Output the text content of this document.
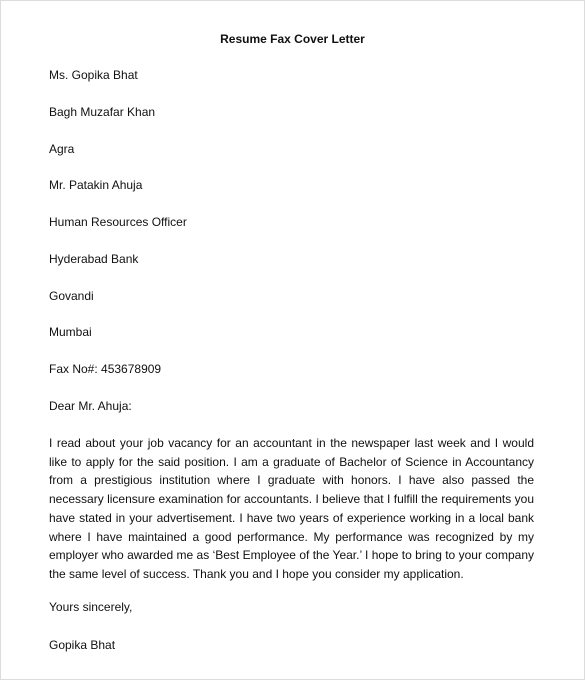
Resume Fax Cover Letter
Ms. Gopika Bhat
Bagh Muzafar Khan
Agra
Mr. Patakin Ahuja
Human Resources Officer
Hyderabad Bank
Govandi
Mumbai
Fax No#: 453678909
Dear Mr. Ahuja:
I read about your job vacancy for an accountant in the newspaper last week and I would like to apply for the said position. I am a graduate of Bachelor of Science in Accountancy from a prestigious institution where I graduate with honors. I have also passed the necessary licensure examination for accountants. I believe that I fulfill the requirements you have stated in your advertisement. I have two years of experience working in a local bank where I have maintained a good performance. My performance was recognized by my employer who awarded me as ‘Best Employee of the Year.’ I hope to bring to your company the same level of success. Thank you and I hope you consider my application.
Yours sincerely,
Gopika Bhat
